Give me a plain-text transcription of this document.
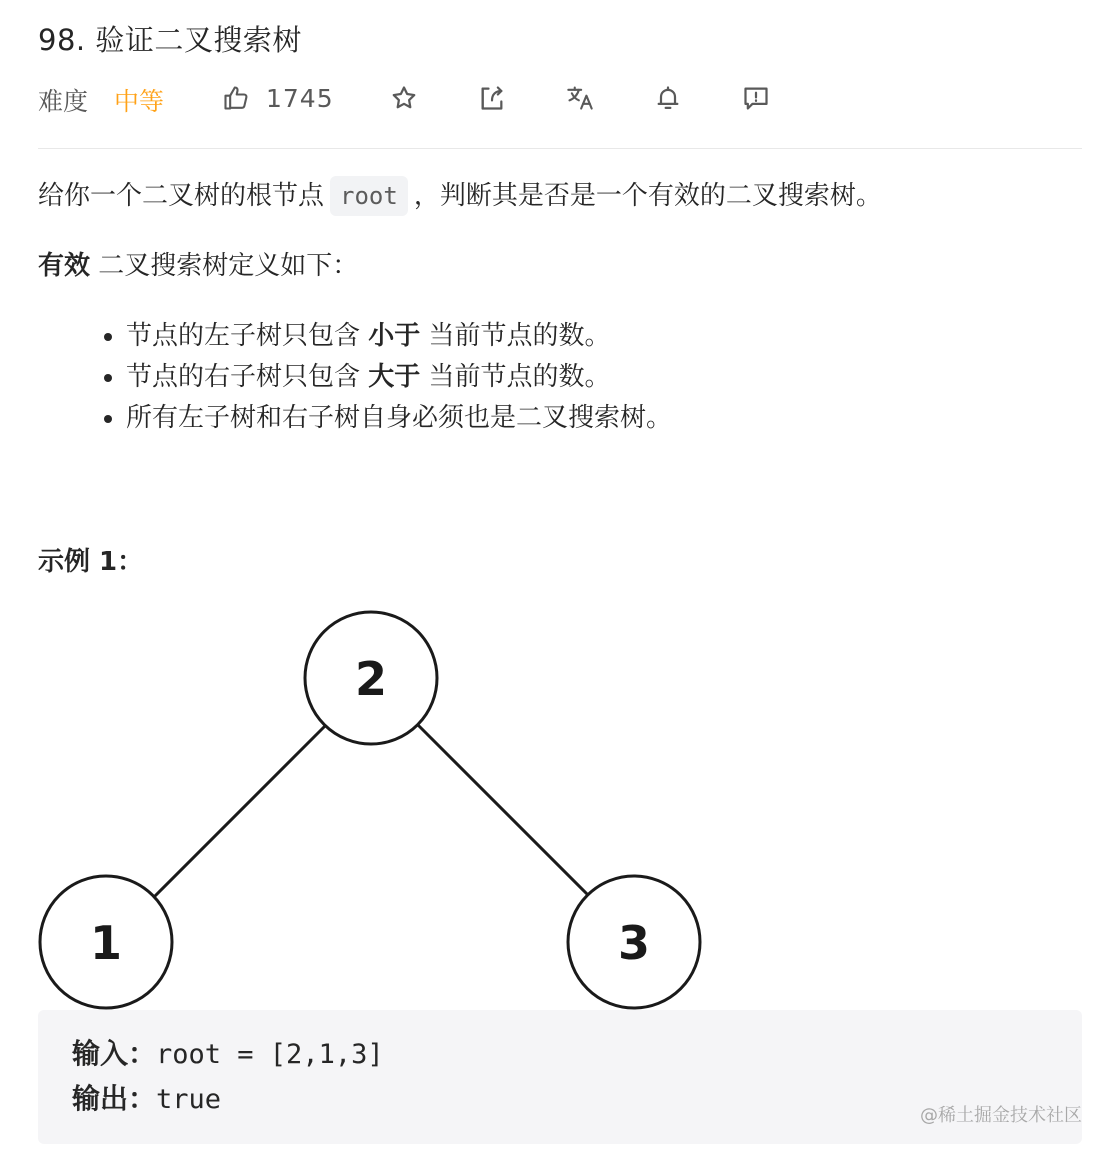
98. 验证二叉搜索树
难度 中等	1745

给你一个二叉树的根节点 root ，判断其是否是一个有效的二叉搜索树。

有效 二叉搜索树定义如下：

• 节点的左子树只包含 小于 当前节点的数。
• 节点的右子树只包含 大于 当前节点的数。
• 所有左子树和右子树自身必须也是二叉搜索树。
示例 1：
2
1	3
输入：root = [2,1,3]
输出：true
@稀土掘金技术社区
